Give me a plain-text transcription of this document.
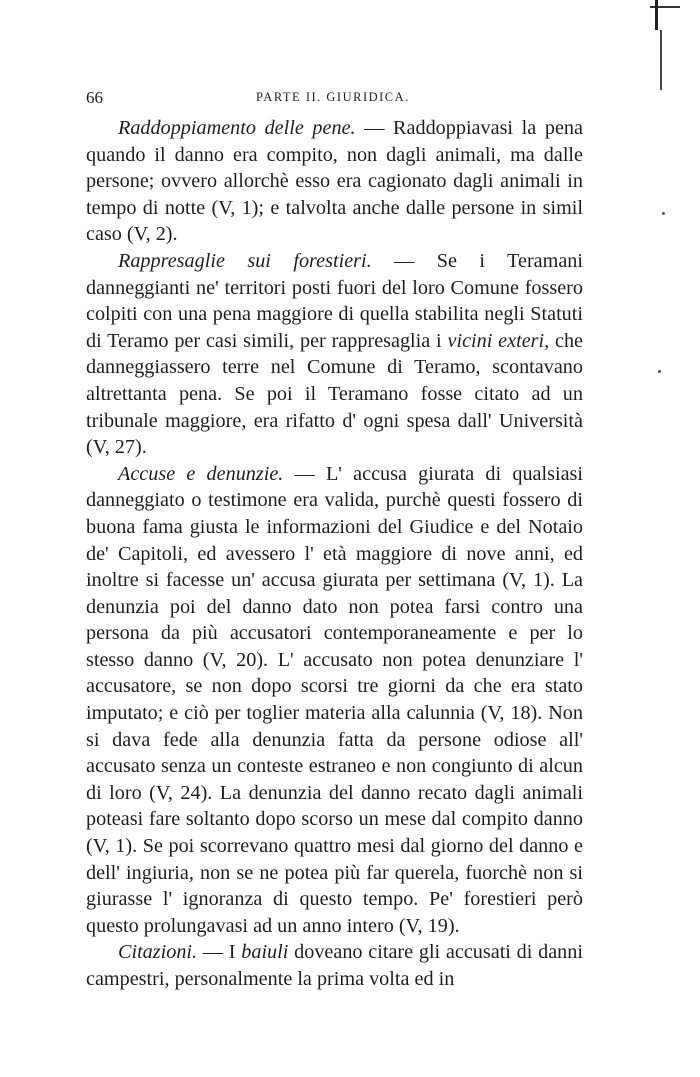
66	PARTE II. GIURIDICA.

Raddoppiamento delle pene. — Raddoppiavasi la pena quando il danno era compito, non dagli animali, ma dalle persone; ovvero allorchè esso era cagionato dagli animali in tempo di notte (V, 1); e talvolta anche dalle persone in simil caso (V, 2).

Rappresaglie sui forestieri. — Se i Teramani danneggianti ne' territori posti fuori del loro Comune fossero colpiti con una pena maggiore di quella stabilita negli Statuti di Teramo per casi simili, per rappresaglia i vicini exteri, che danneggiassero terre nel Comune di Teramo, scontavano altrettanta pena. Se poi il Teramano fosse citato ad un tribunale maggiore, era rifatto d' ogni spesa dall' Università (V, 27).

Accuse e denunzie. — L' accusa giurata di qualsiasi danneggiato o testimone era valida, purchè questi fossero di buona fama giusta le informazioni del Giudice e del Notaio de' Capitoli, ed avessero l' età maggiore di nove anni, ed inoltre si facesse un' accusa giurata per settimana (V, 1). La denunzia poi del danno dato non potea farsi contro una persona da più accusatori contemporaneamente e per lo stesso danno (V, 20). L' accusato non potea denunziare l' accusatore, se non dopo scorsi tre giorni da che era stato imputato; e ciò per toglier materia alla calunnia (V, 18). Non si dava fede alla denunzia fatta da persone odiose all' accusato senza un conteste estraneo e non congiunto di alcun di loro (V, 24). La denunzia del danno recato dagli animali poteasi fare soltanto dopo scorso un mese dal compito danno (V, 1). Se poi scorrevano quattro mesi dal giorno del danno e dell' ingiuria, non se ne potea più far querela, fuorchè non si giurasse l' ignoranza di questo tempo. Pe' forestieri però questo prolungavasi ad un anno intero (V, 19).

Citazioni. — I baiuli doveano citare gli accusati di danni campestri, personalmente la prima volta ed in
